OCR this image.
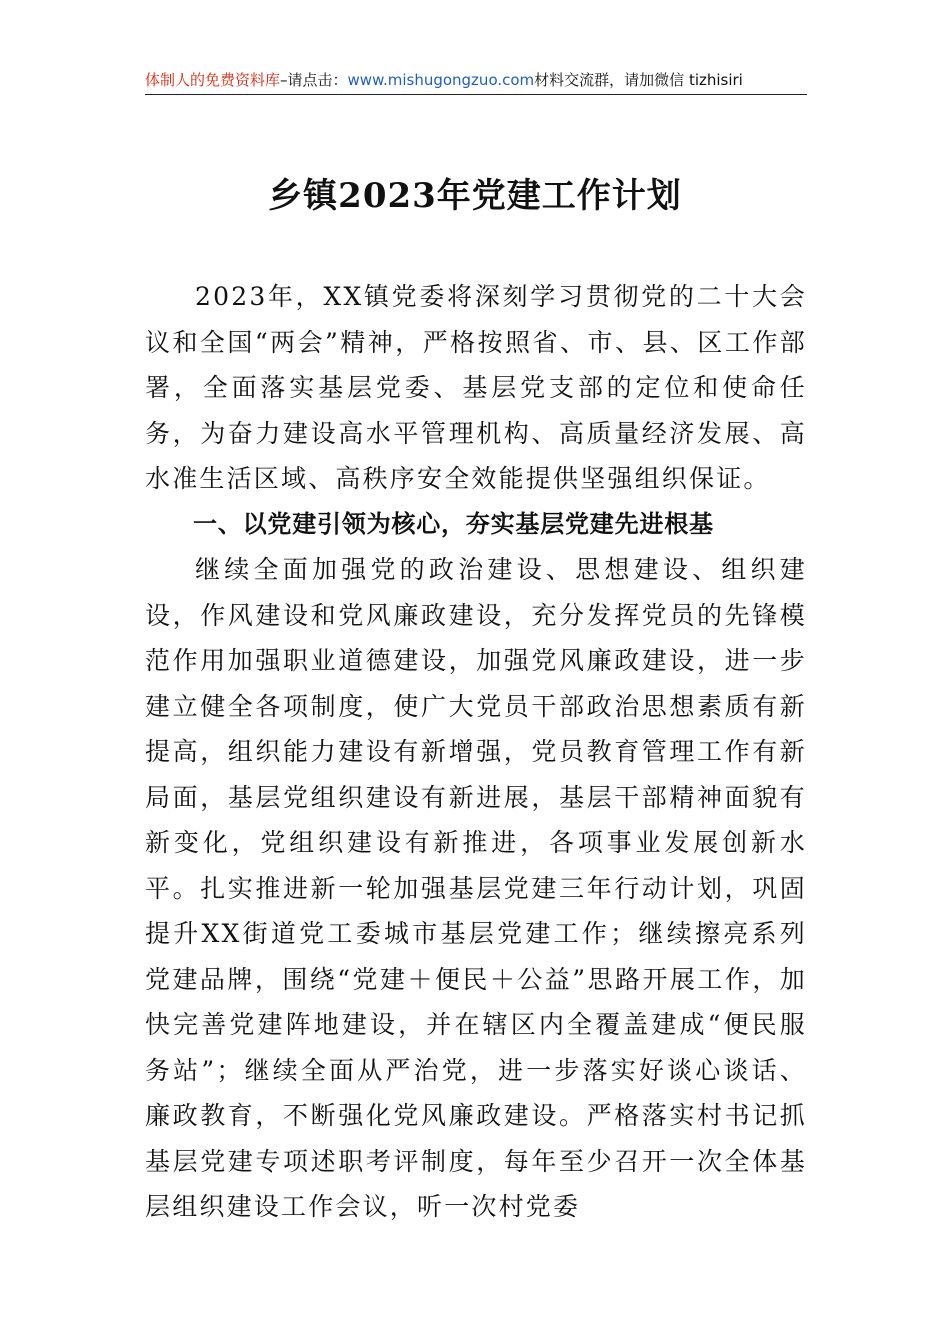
体制人的免费资料库–请点击：www.mishugongzuo.com材料交流群，请加微信 tizhisiri
乡镇2023年党建工作计划

2023年，XX镇党委将深刻学习贯彻党的二十大会议和全国“两会”精神，严格按照省、市、县、区工作部署，全面落实基层党委、基层党支部的定位和使命任务，为奋力建设高水平管理机构、高质量经济发展、高水准生活区域、高秩序安全效能提供坚强组织保证。

一、以党建引领为核心，夯实基层党建先进根基

继续全面加强党的政治建设、思想建设、组织建设，作风建设和党风廉政建设，充分发挥党员的先锋模范作用加强职业道德建设，加强党风廉政建设，进一步建立健全各项制度，使广大党员干部政治思想素质有新提高，组织能力建设有新增强，党员教育管理工作有新局面，基层党组织建设有新进展，基层干部精神面貌有新变化，党组织建设有新推进，各项事业发展创新水平。扎实推进新一轮加强基层党建三年行动计划，巩固提升XX街道党工委城市基层党建工作；继续擦亮系列党建品牌，围绕“党建＋便民＋公益”思路开展工作，加快完善党建阵地建设，并在辖区内全覆盖建成“便民服务站”；继续全面从严治党，进一步落实好谈心谈话、廉政教育，不断强化党风廉政建设。严格落实村书记抓基层党建专项述职考评制度，每年至少召开一次全体基层组织建设工作会议，听一次村党委
